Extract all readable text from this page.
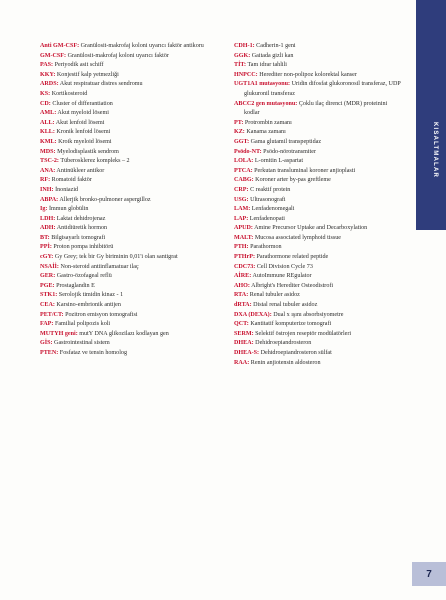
Anti GM-CSF: Granülosit-makrofaj koloni uyarıcı faktör antikoru
GM-CSF: Granülosit-makrofaj koloni uyarıcı faktör
PAS: Periyodik asit schiff
KKY: Konjestif kalp yetmezliği
ARDS: Akut respiratuar distres sendromu
KS: Kortikosteroid
CD: Cluster of differantiation
AML: Akut myeloid lösemi
ALL: Akut lenfoid lösemi
KLL: Kronik lenfoid lösemi
KML: Kroik myeloid lösemi
MDS: Myelodisplastik sendrom
TSC-2: Tüberosklerez kompleks – 2
ANA: Antinükleer antikor
RF: Romatoid faktör
INH: İnoniazid
ABPA: Allerjik bronko-pulmoner aspergilloz
Ig: İmmun globülin
LDH: Laktat dehidrojenaz
ADH: Antidiüretik hormon
BT: Bilgisayarlı tomografi
PPİ: Proton pompa inhibitörü
cGY: Gy Grey; tek bir Gy biriminin 0,01'i olan santigrat
NSAİİ: Non-steroid antiinflamatuar ilaç
GER: Gastro-özofageal reflü
PGE: Prostaglandin E
STK1: Serolojik timidin kinaz - 1
CEA: Karsino-embrionik antijen
PET/CT: Pozitron emisyon tomografisi
FAP: Familial polipozis koli
MUTYH geni: mutY DNA glikozilazı kodlayan gen
GİS: Gastrointestinal sistem
PTEN: Fosfataz ve tensin homolog
CDH-1: Cadherin-1 geni
GGK: Gaitada gizli kan
TİT: Tam idrar tahlili
HNPCC: Herediter non-polipoz kolorektal kanser
UGT1A1 mutasyonu: Uridin difosfat glukoronosil transferaz, UDP glukuronil transferaz
ABCC2 gen mutasyonu: Çoklu ilaç direnci (MDR) proteinini kodlar
PT: Protrombin zamanı
KZ: Kanama zamanı
GGT: Gama glutamil transpeptidaz
Psödo-NT: Psödo-nörotransmiter
LOLA: L-ornitin L-aspartat
PTCA: Perkutan transluminal koroner anjioplasti
CABG: Koroner arter by-pas greftleme
CRP: C reaktif protein
USG: Ultrasonografi
LAM: Lenfadenomegali
LAP: Lenfadenopati
APUD: Amine Precursor Uptake and Decarboxylation
MALT: Mucosa associated lymphoid tissue
PTH: Parathormon
PTHrP: Parathormone related peptide
CDC73: Cell Division Cycle 73
AİRE: AutoImmune REgulator
AHO: Albright's Herediter Osteodistrofi
RTA: Renal tubuler asidoz
dRTA: Distal renal tubuler asidoz
DXA (DEXA): Dual x ışını absorbsiyometre
QCT: Kantitatif komputerize tomografi
SERM: Selektif östrojen reseptör modülatörleri
DHEA: Dehidroepiandrosteron
DHEA-S: Dehidroepiandrosteron sülfat
RAA: Renin anjiotensin aldosteron
KISALTMALAR
7
